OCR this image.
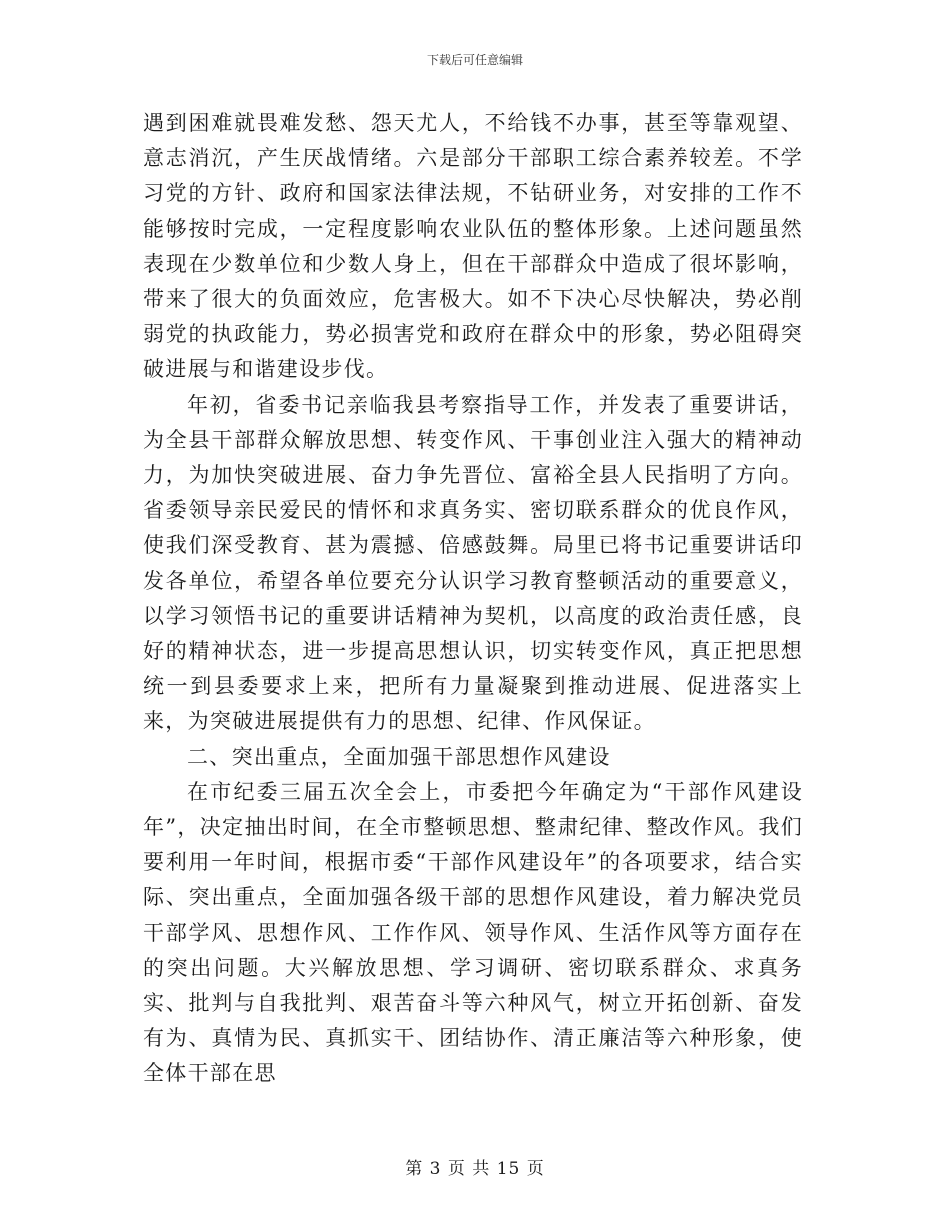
下载后可任意编辑

遇到困难就畏难发愁、怨天尤人，不给钱不办事，甚至等靠观望、意志消沉，产生厌战情绪。六是部分干部职工综合素养较差。不学习党的方针、政府和国家法律法规，不钻研业务，对安排的工作不能够按时完成，一定程度影响农业队伍的整体形象。上述问题虽然表现在少数单位和少数人身上，但在干部群众中造成了很坏影响，带来了很大的负面效应，危害极大。如不下决心尽快解决，势必削弱党的执政能力，势必损害党和政府在群众中的形象，势必阻碍突破进展与和谐建设步伐。

年初，省委书记亲临我县考察指导工作，并发表了重要讲话，为全县干部群众解放思想、转变作风、干事创业注入强大的精神动力，为加快突破进展、奋力争先晋位、富裕全县人民指明了方向。省委领导亲民爱民的情怀和求真务实、密切联系群众的优良作风，使我们深受教育、甚为震撼、倍感鼓舞。局里已将书记重要讲话印发各单位，希望各单位要充分认识学习教育整顿活动的重要意义，以学习领悟书记的重要讲话精神为契机，以高度的政治责任感，良好的精神状态，进一步提高思想认识，切实转变作风，真正把思想统一到县委要求上来，把所有力量凝聚到推动进展、促进落实上来，为突破进展提供有力的思想、纪律、作风保证。

二、突出重点，全面加强干部思想作风建设

在市纪委三届五次全会上，市委把今年确定为“干部作风建设年”，决定抽出时间，在全市整顿思想、整肃纪律、整改作风。我们要利用一年时间，根据市委“干部作风建设年”的各项要求，结合实际、突出重点，全面加强各级干部的思想作风建设，着力解决党员干部学风、思想作风、工作作风、领导作风、生活作风等方面存在的突出问题。大兴解放思想、学习调研、密切联系群众、求真务实、批判与自我批判、艰苦奋斗等六种风气，树立开拓创新、奋发有为、真情为民、真抓实干、团结协作、清正廉洁等六种形象，使全体干部在思

第 3 页 共 15 页
